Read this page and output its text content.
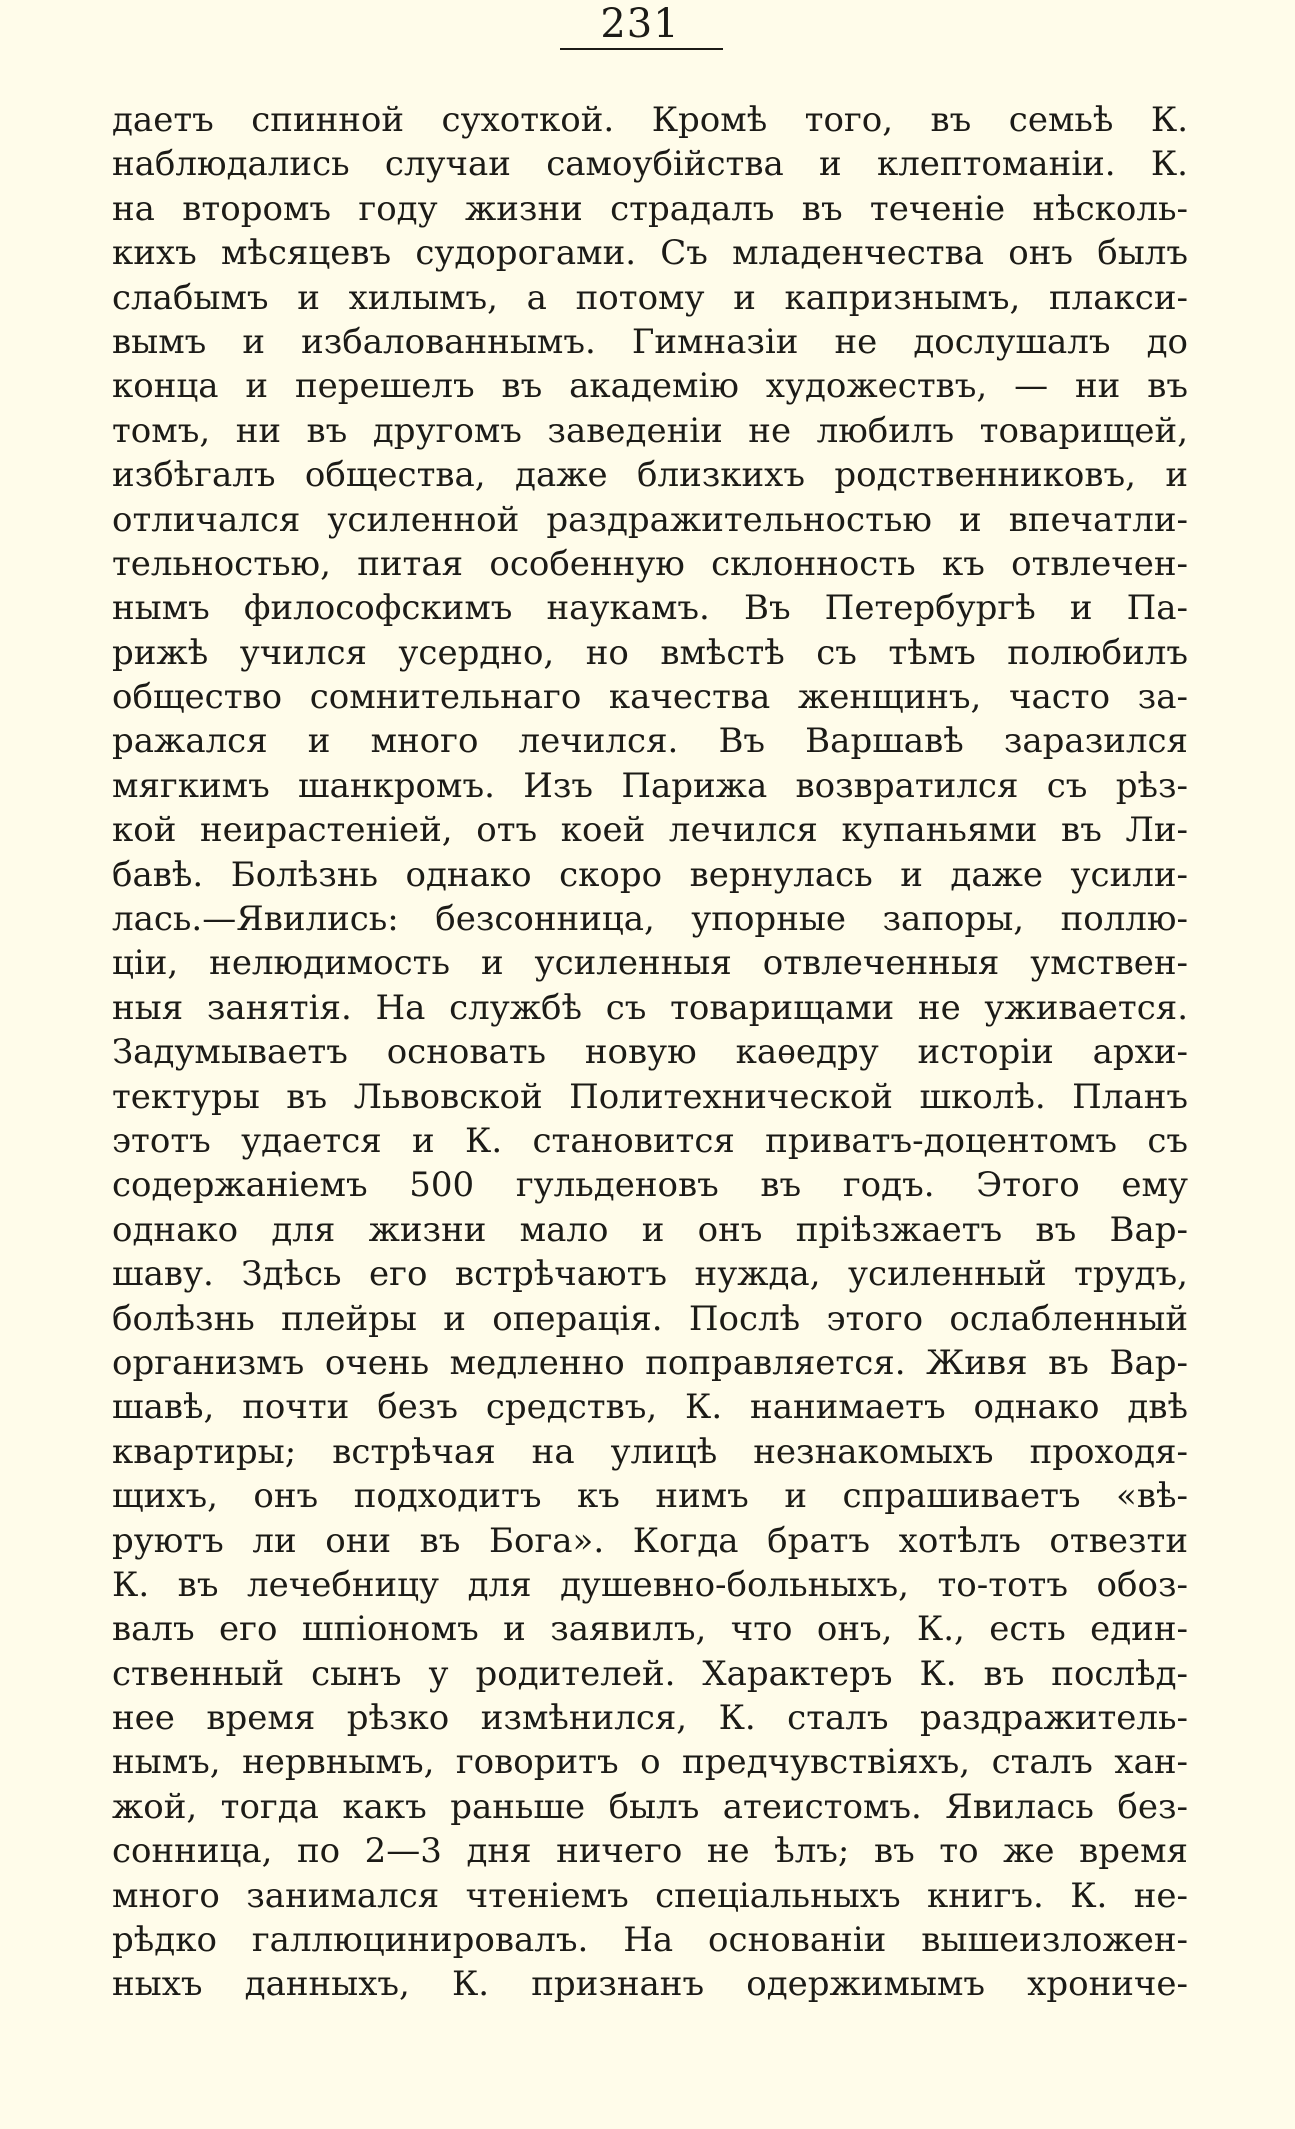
231
даетъ спинной сухоткой. Кромѣ того, въ семьѣ К.
наблюдались случаи самоубійства и клептоманіи. К.
на второмъ году жизни страдалъ въ теченіе нѣсколь-
кихъ мѣсяцевъ судорогами. Съ младенчества онъ былъ
слабымъ и хилымъ, а потому и капризнымъ, плакси-
вымъ и избалованнымъ. Гимназіи не дослушалъ до
конца и перешелъ въ академію художествъ, — ни въ
томъ, ни въ другомъ заведеніи не любилъ товарищей,
избѣгалъ общества, даже близкихъ родственниковъ, и
отличался усиленной раздражительностью и впечатли-
тельностью, питая особенную склонность къ отвлечен-
нымъ философскимъ наукамъ. Въ Петербургѣ и Па-
рижѣ учился усердно, но вмѣстѣ съ тѣмъ полюбилъ
общество сомнительнаго качества женщинъ, часто за-
ражался и много лечился. Въ Варшавѣ заразился
мягкимъ шанкромъ. Изъ Парижа возвратился съ рѣз-
кой неирастеніей, отъ коей лечился купаньями въ Ли-
бавѣ. Болѣзнь однако скоро вернулась и даже усили-
лась.—Явились: безсонница, упорные запоры, поллю-
ціи, нелюдимость и усиленныя отвлеченныя умствен-
ныя занятія. На службѣ съ товарищами не уживается.
Задумываетъ основать новую каѳедру исторіи архи-
тектуры въ Львовской Политехнической школѣ. Планъ
этотъ удается и К. становится приватъ-доцентомъ съ
содержаніемъ 500 гульденовъ въ годъ. Этого ему
однако для жизни мало и онъ пріѣзжаетъ въ Вар-
шаву. Здѣсь его встрѣчаютъ нужда, усиленный трудъ,
болѣзнь плейры и операція. Послѣ этого ослабленный
организмъ очень медленно поправляется. Живя въ Вар-
шавѣ, почти безъ средствъ, К. нанимаетъ однако двѣ
квартиры; встрѣчая на улицѣ незнакомыхъ проходя-
щихъ, онъ подходитъ къ нимъ и спрашиваетъ «вѣ-
руютъ ли они въ Бога». Когда братъ хотѣлъ отвезти
К. въ лечебницу для душевно-больныхъ, то-тотъ обоз-
валъ его шпіономъ и заявилъ, что онъ, К., есть един-
ственный сынъ у родителей. Характеръ К. въ послѣд-
нее время рѣзко измѣнился, К. сталъ раздражитель-
нымъ, нервнымъ, говоритъ о предчувствіяхъ, сталъ хан-
жой, тогда какъ раньше былъ атеистомъ. Явилась без-
сонница, по 2—3 дня ничего не ѣлъ; въ то же время
много занимался чтеніемъ спеціальныхъ книгъ. К. не-
рѣдко галлюцинировалъ. На основаніи вышеизложен-
ныхъ данныхъ, К. признанъ одержимымъ хрониче-
